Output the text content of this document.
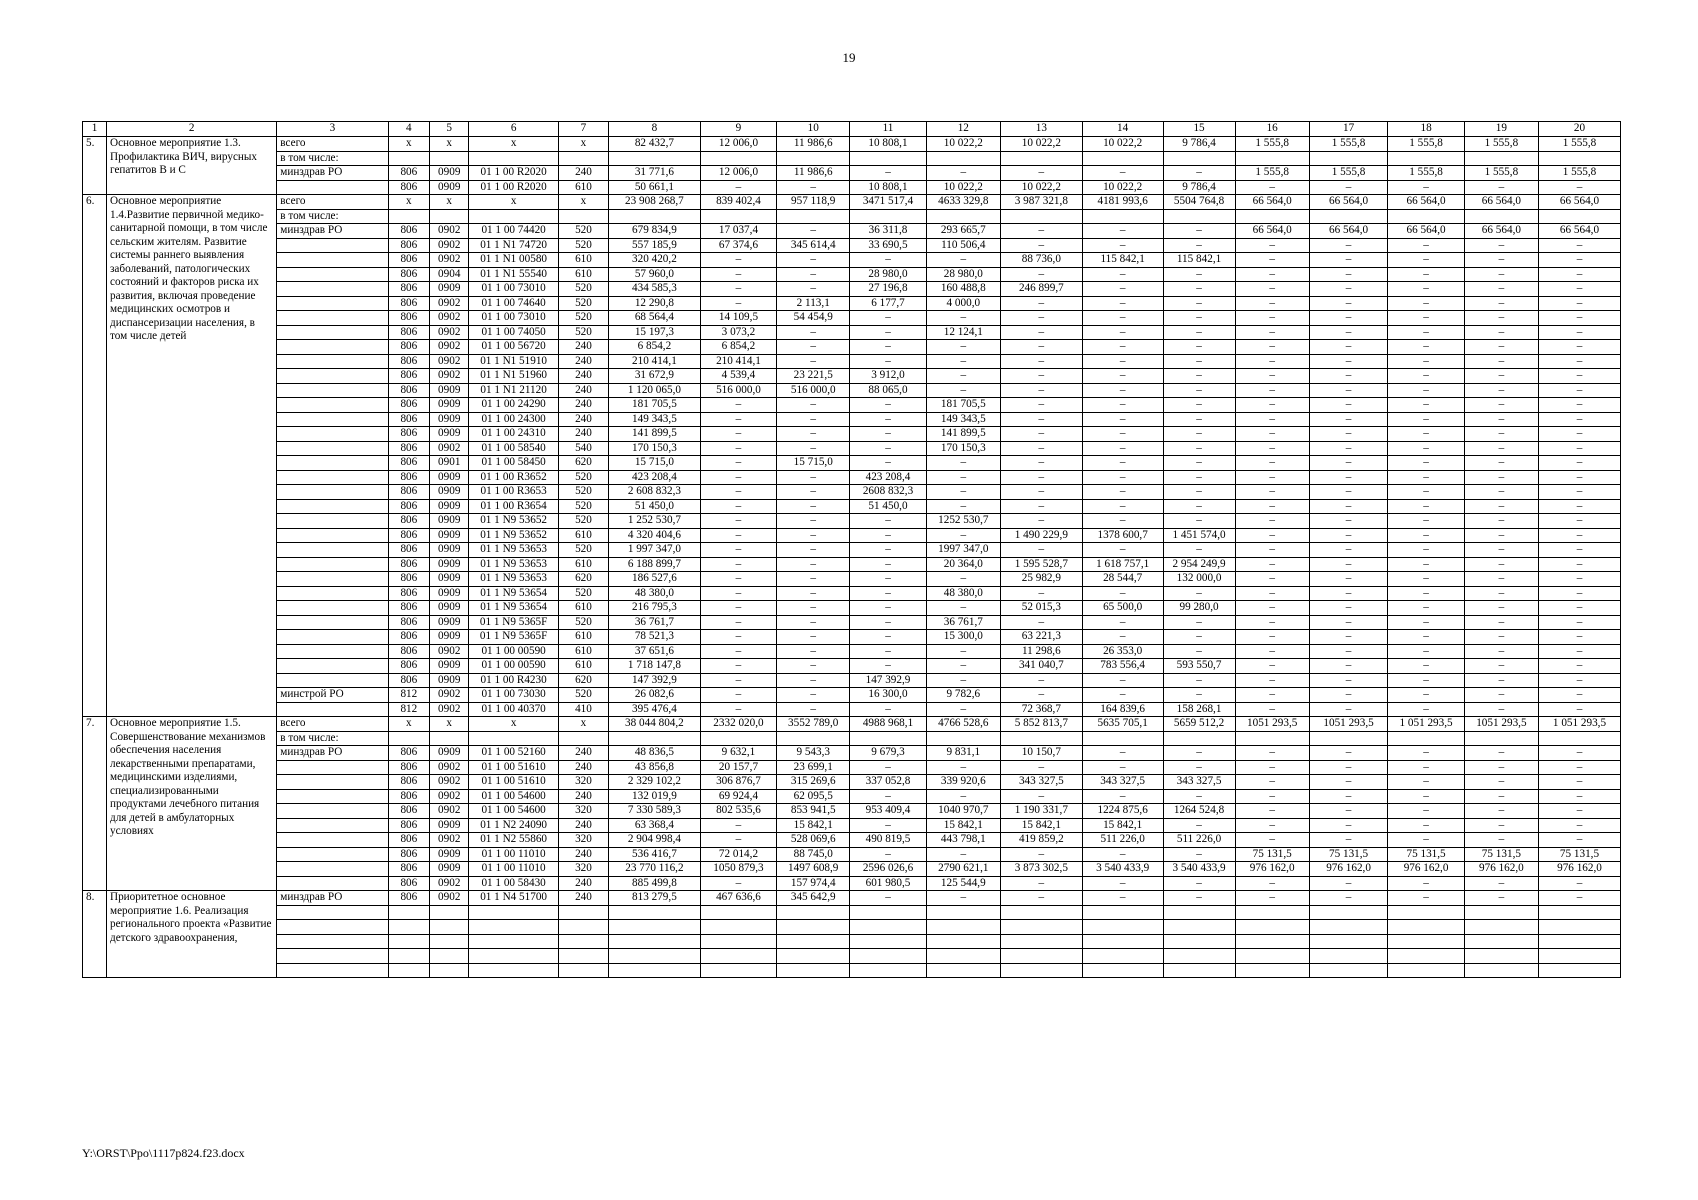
19
1	2	3	4	5	6	7	8	9	10	11	12	13	14	15	16	17	18	19	20
5.	Основное мероприятие 1.3. Профилактика ВИЧ, вирусных гепатитов В и С	всего	x	x	x	x	82 432,7	12 006,0	11 986,6	10 808,1	10 022,2	10 022,2	10 022,2	9 786,4	1 555,8	1 555,8	1 555,8	1 555,8	1 555,8
		в том числе:																	
		минздрав РО	806	0909	01 1 00 R2020	240	31 771,6	12 006,0	11 986,6	–	–	–	–	–	1 555,8	1 555,8	1 555,8	1 555,8	1 555,8
			806	0909	01 1 00 R2020	610	50 661,1	–	–	10 808,1	10 022,2	10 022,2	10 022,2	9 786,4	–	–	–	–	–
6.	Основное мероприятие 1.4.Развитие первичной медико-санитарной помощи, в том числе сельским жителям. Развитие системы раннего выявления заболеваний, патологических состояний и факторов риска их развития, включая проведение медицинских осмотров и диспансеризации населения, в том числе детей	всего	x	x	x	x	23 908 268,7	839 402,4	957 118,9	3471 517,4	4633 329,8	3 987 321,8	4181 993,6	5504 764,8	66 564,0	66 564,0	66 564,0	66 564,0	66 564,0
		в том числе:																	
		минздрав РО	806	0902	01 1 00 74420	520	679 834,9	17 037,4	–	36 311,8	293 665,7	–	–	–	66 564,0	66 564,0	66 564,0	66 564,0	66 564,0
			806	0902	01 1 N1 74720	520	557 185,9	67 374,6	345 614,4	33 690,5	110 506,4	–	–	–	–	–	–	–	–
			806	0902	01 1 N1 00580	610	320 420,2	–	–	–	–	88 736,0	115 842,1	115 842,1	–	–	–	–	–
			806	0904	01 1 N1 55540	610	57 960,0	–	–	28 980,0	28 980,0	–	–	–	–	–	–	–	–
			806	0909	01 1 00 73010	520	434 585,3	–	–	27 196,8	160 488,8	246 899,7	–	–	–	–	–	–	–
			806	0902	01 1 00 74640	520	12 290,8	–	2 113,1	6 177,7	4 000,0	–	–	–	–	–	–	–	–
			806	0902	01 1 00 73010	520	68 564,4	14 109,5	54 454,9	–	–	–	–	–	–	–	–	–	–
			806	0902	01 1 00 74050	520	15 197,3	3 073,2	–	–	12 124,1	–	–	–	–	–	–	–	–
			806	0902	01 1 00 56720	240	6 854,2	6 854,2	–	–	–	–	–	–	–	–	–	–	–
			806	0902	01 1 N1 51910	240	210 414,1	210 414,1	–	–	–	–	–	–	–	–	–	–	–
			806	0902	01 1 N1 51960	240	31 672,9	4 539,4	23 221,5	3 912,0	–	–	–	–	–	–	–	–	–
			806	0909	01 1 N1 21120	240	1 120 065,0	516 000,0	516 000,0	88 065,0	–	–	–	–	–	–	–	–	–
			806	0909	01 1 00 24290	240	181 705,5	–	–	–	181 705,5	–	–	–	–	–	–	–	–
			806	0909	01 1 00 24300	240	149 343,5	–	–	–	149 343,5	–	–	–	–	–	–	–	–
			806	0909	01 1 00 24310	240	141 899,5	–	–	–	141 899,5	–	–	–	–	–	–	–	–
			806	0902	01 1 00 58540	540	170 150,3	–	–	–	170 150,3	–	–	–	–	–	–	–	–
			806	0901	01 1 00 58450	620	15 715,0	–	15 715,0	–	–	–	–	–	–	–	–	–	–
			806	0909	01 1 00 R3652	520	423 208,4	–	–	423 208,4	–	–	–	–	–	–	–	–	–
			806	0909	01 1 00 R3653	520	2 608 832,3	–	–	2608 832,3	–	–	–	–	–	–	–	–	–
			806	0909	01 1 00 R3654	520	51 450,0	–	–	51 450,0	–	–	–	–	–	–	–	–	–
			806	0909	01 1 N9 53652	520	1 252 530,7	–	–	–	1252 530,7	–	–	–	–	–	–	–	–
			806	0909	01 1 N9 53652	610	4 320 404,6	–	–	–	–	1 490 229,9	1378 600,7	1 451 574,0	–	–	–	–	–
			806	0909	01 1 N9 53653	520	1 997 347,0	–	–	–	1997 347,0	–	–	–	–	–	–	–	–
			806	0909	01 1 N9 53653	610	6 188 899,7	–	–	–	20 364,0	1 595 528,7	1 618 757,1	2 954 249,9	–	–	–	–	–
			806	0909	01 1 N9 53653	620	186 527,6	–	–	–	–	25 982,9	28 544,7	132 000,0	–	–	–	–	–
			806	0909	01 1 N9 53654	520	48 380,0	–	–	–	48 380,0	–	–	–	–	–	–	–	–
			806	0909	01 1 N9 53654	610	216 795,3	–	–	–	–	52 015,3	65 500,0	99 280,0	–	–	–	–	–
			806	0909	01 1 N9 5365F	520	36 761,7	–	–	–	36 761,7	–	–	–	–	–	–	–	–
			806	0909	01 1 N9 5365F	610	78 521,3	–	–	–	15 300,0	63 221,3	–	–	–	–	–	–	–
			806	0902	01 1 00 00590	610	37 651,6	–	–	–	–	11 298,6	26 353,0	–	–	–	–	–	–
			806	0909	01 1 00 00590	610	1 718 147,8	–	–	–	–	341 040,7	783 556,4	593 550,7	–	–	–	–	–
			806	0909	01 1 00 R4230	620	147 392,9	–	–	147 392,9	–	–	–	–	–	–	–	–	–
		минстрой РО	812	0902	01 1 00 73030	520	26 082,6	–	–	16 300,0	9 782,6	–	–	–	–	–	–	–	–
			812	0902	01 1 00 40370	410	395 476,4	–	–	–	–	72 368,7	164 839,6	158 268,1	–	–	–	–	–
7.	Основное мероприятие 1.5. Совершенствование механизмов обеспечения населения лекарственными препаратами, медицинскими изделиями, специализированными продуктами лечебного питания для детей в амбулаторных условиях	всего	x	x	x	x	38 044 804,2	2332 020,0	3552 789,0	4988 968,1	4766 528,6	5 852 813,7	5635 705,1	5659 512,2	1051 293,5	1051 293,5	1 051 293,5	1051 293,5	1 051 293,5
		в том числе:																	
		минздрав РО	806	0909	01 1 00 52160	240	48 836,5	9 632,1	9 543,3	9 679,3	9 831,1	10 150,7	–	–	–	–	–	–	–
			806	0902	01 1 00 51610	240	43 856,8	20 157,7	23 699,1	–	–	–	–	–	–	–	–	–	–
			806	0902	01 1 00 51610	320	2 329 102,2	306 876,7	315 269,6	337 052,8	339 920,6	343 327,5	343 327,5	343 327,5	–	–	–	–	–
			806	0902	01 1 00 54600	240	132 019,9	69 924,4	62 095,5	–	–	–	–	–	–	–	–	–	–
			806	0902	01 1 00 54600	320	7 330 589,3	802 535,6	853 941,5	953 409,4	1040 970,7	1 190 331,7	1224 875,6	1264 524,8	–	–	–	–	–
			806	0909	01 1 N2 24090	240	63 368,4	–	15 842,1	–	15 842,1	15 842,1	15 842,1	–	–	–	–	–	–
			806	0902	01 1 N2 55860	320	2 904 998,4	–	528 069,6	490 819,5	443 798,1	419 859,2	511 226,0	511 226,0	–	–	–	–	–
			806	0909	01 1 00 11010	240	536 416,7	72 014,2	88 745,0	–	–	–	–	–	75 131,5	75 131,5	75 131,5	75 131,5	75 131,5
			806	0909	01 1 00 11010	320	23 770 116,2	1050 879,3	1497 608,9	2596 026,6	2790 621,1	3 873 302,5	3 540 433,9	3 540 433,9	976 162,0	976 162,0	976 162,0	976 162,0	976 162,0
			806	0902	01 1 00 58430	240	885 499,8	–	157 974,4	601 980,5	125 544,9	–	–	–	–	–	–	–	–
8.	Приоритетное основное мероприятие 1.6. Реализация регионального проекта «Развитие детского здравоохранения,	минздрав РО	806	0902	01 1 N4 51700	240	813 279,5	467 636,6	345 642,9	–	–	–	–	–	–	–	–	–	–

Y:\ORST\Ppo\1117p824.f23.docx
